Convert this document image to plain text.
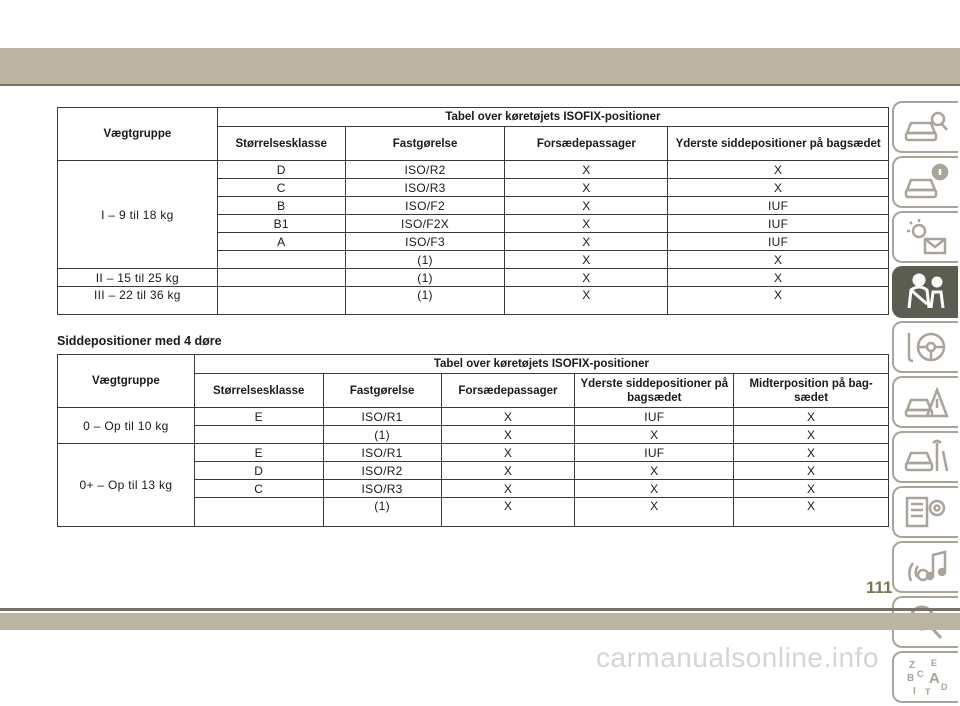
Vægtgruppe	Tabel over køretøjets ISOFIX-positioner			
	Størrelsesklasse	Fastgørelse	Forsædepassager	Yderste siddepositioner på bagsædet
I – 9 til 18 kg	D	ISO/R2	X	X
	C	ISO/R3	X	X
	B	ISO/F2	X	IUF
	B1	ISO/F2X	X	IUF
	A	ISO/F3	X	IUF
		(1)	X	X
II – 15 til 25 kg		(1)	X	X
III – 22 til 36 kg		(1)	X	X
Siddepositioner med 4 døre
Vægtgruppe	Tabel over køretøjets ISOFIX-positioner				
	Størrelsesklasse	Fastgørelse	Forsædepassager	Yderste siddepositioner på bagsædet	Midterposition på bag-sædet
0 – Op til 10 kg	E	ISO/R1	X	IUF	X
		(1)	X	X	X
0+ – Op til 13 kg	E	ISO/R1	X	IUF	X
	D	ISO/R2	X	X	X
	C	ISO/R3	X	X	X
		(1)	X	X	X
Z E
B A
C
D
I T
111
carmanualsonline.info
